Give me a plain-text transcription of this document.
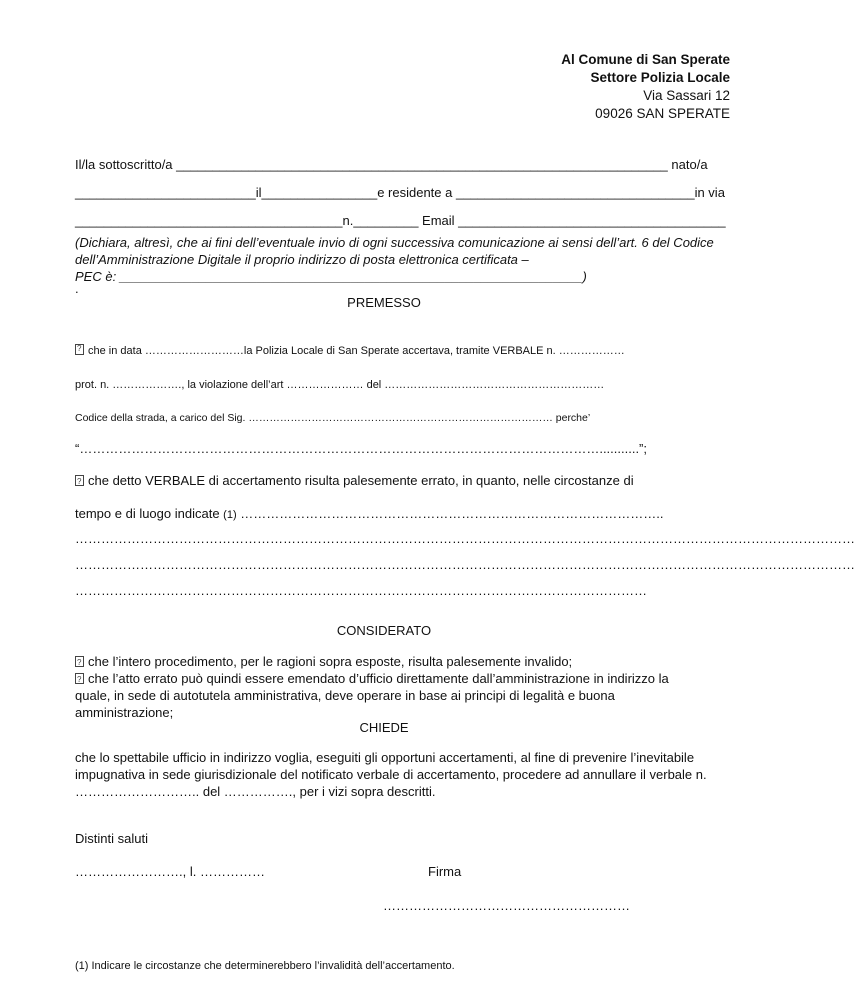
Al Comune di San Sperate
Settore Polizia Locale
Via Sassari 12
09026 SAN SPERATE
Il/la sottoscritto/a ____________________________________________________________________ nato/a
_________________________il________________e residente a _________________________________in via
_____________________________________n._________ Email _____________________________________
(Dichiara, altresì, che ai fini dell’eventuale invio di ogni successiva comunicazione ai sensi dell’art. 6 del Codice
dell’Amministrazione Digitale il proprio indirizzo di posta elettronica certificata –
PEC è: ________________________________________________________________)
.
PREMESSO
?che in data ………………………la Polizia Locale di San Sperate accertava, tramite VERBALE n. ………………
prot. n. ………………., la violazione dell’art ………………… del ……………………………………………………
Codice della strada, a carico del Sig. …………………………………………………………………………… perche’
“…………………………………………………………………………………………………………...........”;
?che detto VERBALE di accertamento risulta palesemente errato, in quanto, nelle circostanze di
tempo e di luogo indicate (1) ……………………………………………………………………………………..
………………………………………………………………………………………………………………………………………………………………
………………………………………………………………………………………………………………………………………………………………
……………………………………………………………………………………………………………………
CONSIDERATO
?che l’intero procedimento, per le ragioni sopra esposte, risulta palesemente invalido;
?che l’atto errato può quindi essere emendato d’ufficio direttamente dall’amministrazione in indirizzo la quale, in sede di autotutela amministrativa, deve operare in base ai principi di legalità e buona amministrazione;
CHIEDE
che lo spettabile ufficio in indirizzo voglia, eseguiti gli opportuni accertamenti, al fine di prevenire l’inevitabile impugnativa in sede giurisdizionale del notificato verbale di accertamento, procedere ad annullare il verbale n. ……………………….. del ……………., per i vizi sopra descritti.
Distinti saluti
……………………., l. ……………	Firma
…………………………………………………
(1) Indicare le circostanze che determinerebbero l’invalidità dell’accertamento.
